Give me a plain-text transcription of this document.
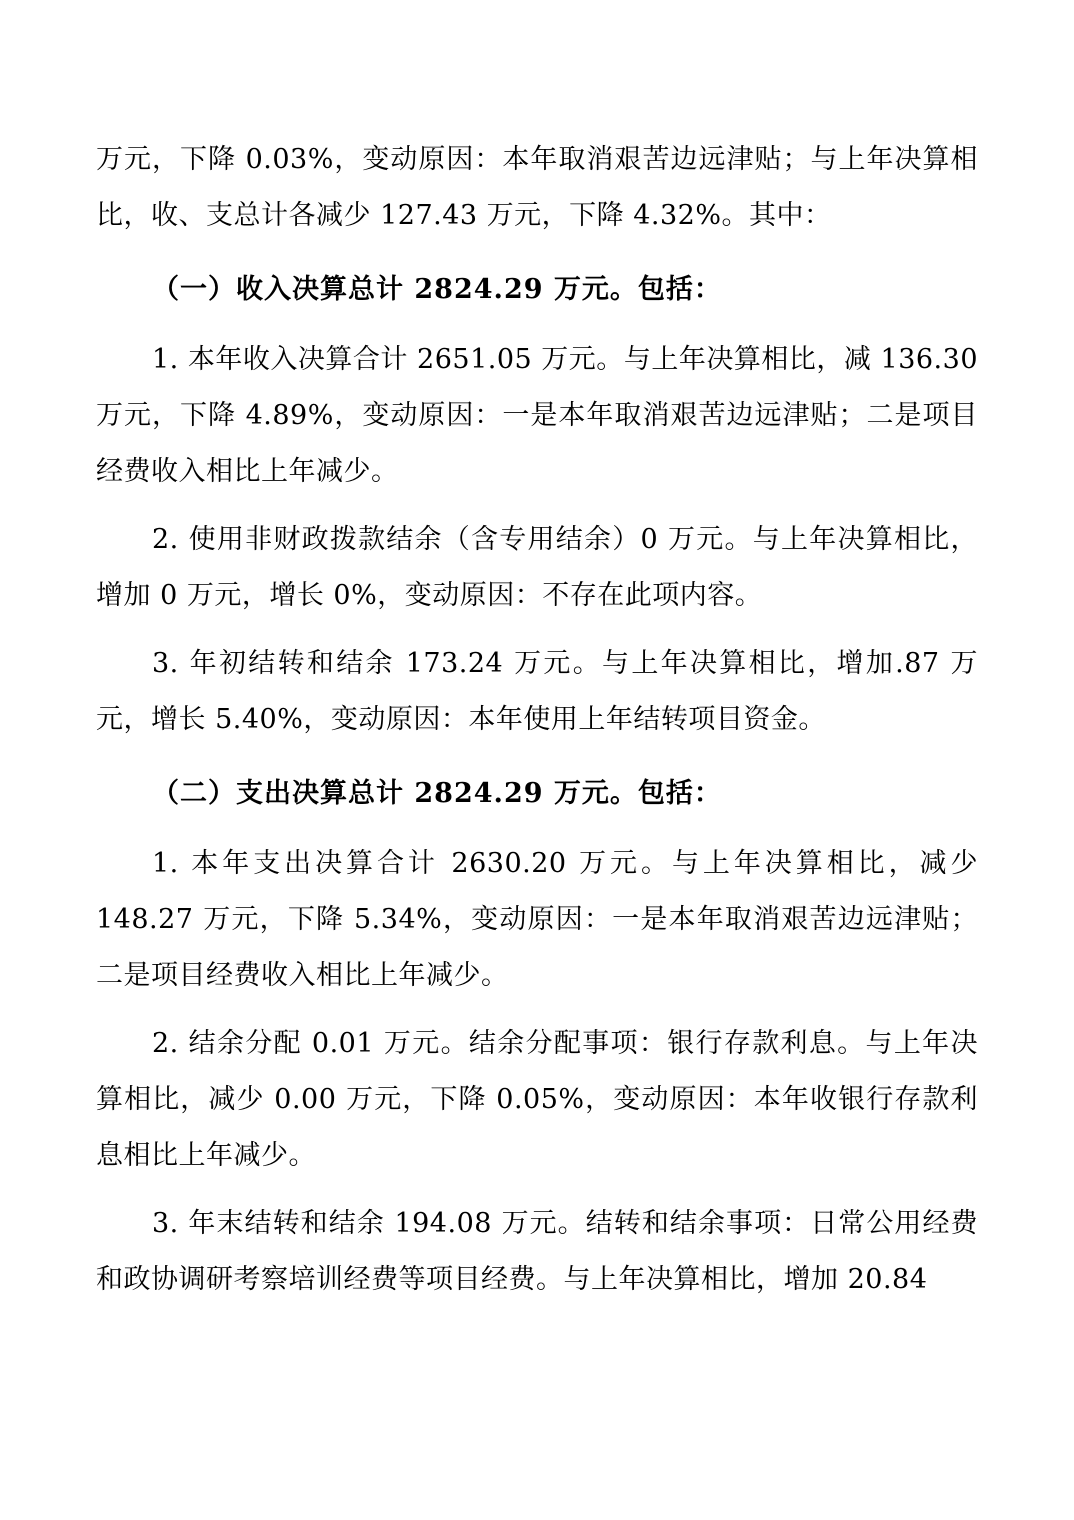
万元，下降 0.03%，变动原因：本年取消艰苦边远津贴；与上年决算相比，收、支总计各减少 127.43 万元，下降 4.32%。其中：

（一）收入决算总计 2824.29 万元。包括：

1. 本年收入决算合计 2651.05 万元。与上年决算相比，减 136.30 万元，下降 4.89%，变动原因：一是本年取消艰苦边远津贴；二是项目经费收入相比上年减少。

2. 使用非财政拨款结余（含专用结余）0 万元。与上年决算相比，增加 0 万元，增长 0%，变动原因：不存在此项内容。

3. 年初结转和结余 173.24 万元。与上年决算相比，增加.87 万元，增长 5.40%，变动原因：本年使用上年结转项目资金。

（二）支出决算总计 2824.29 万元。包括：

1. 本年支出决算合计 2630.20 万元。与上年决算相比，减少 148.27 万元，下降 5.34%，变动原因：一是本年取消艰苦边远津贴；二是项目经费收入相比上年减少。

2. 结余分配 0.01 万元。结余分配事项：银行存款利息。与上年决算相比，减少 0.00 万元，下降 0.05%，变动原因：本年收银行存款利息相比上年减少。

3. 年末结转和结余 194.08 万元。结转和结余事项：日常公用经费和政协调研考察培训经费等项目经费。与上年决算相比，增加 20.84
